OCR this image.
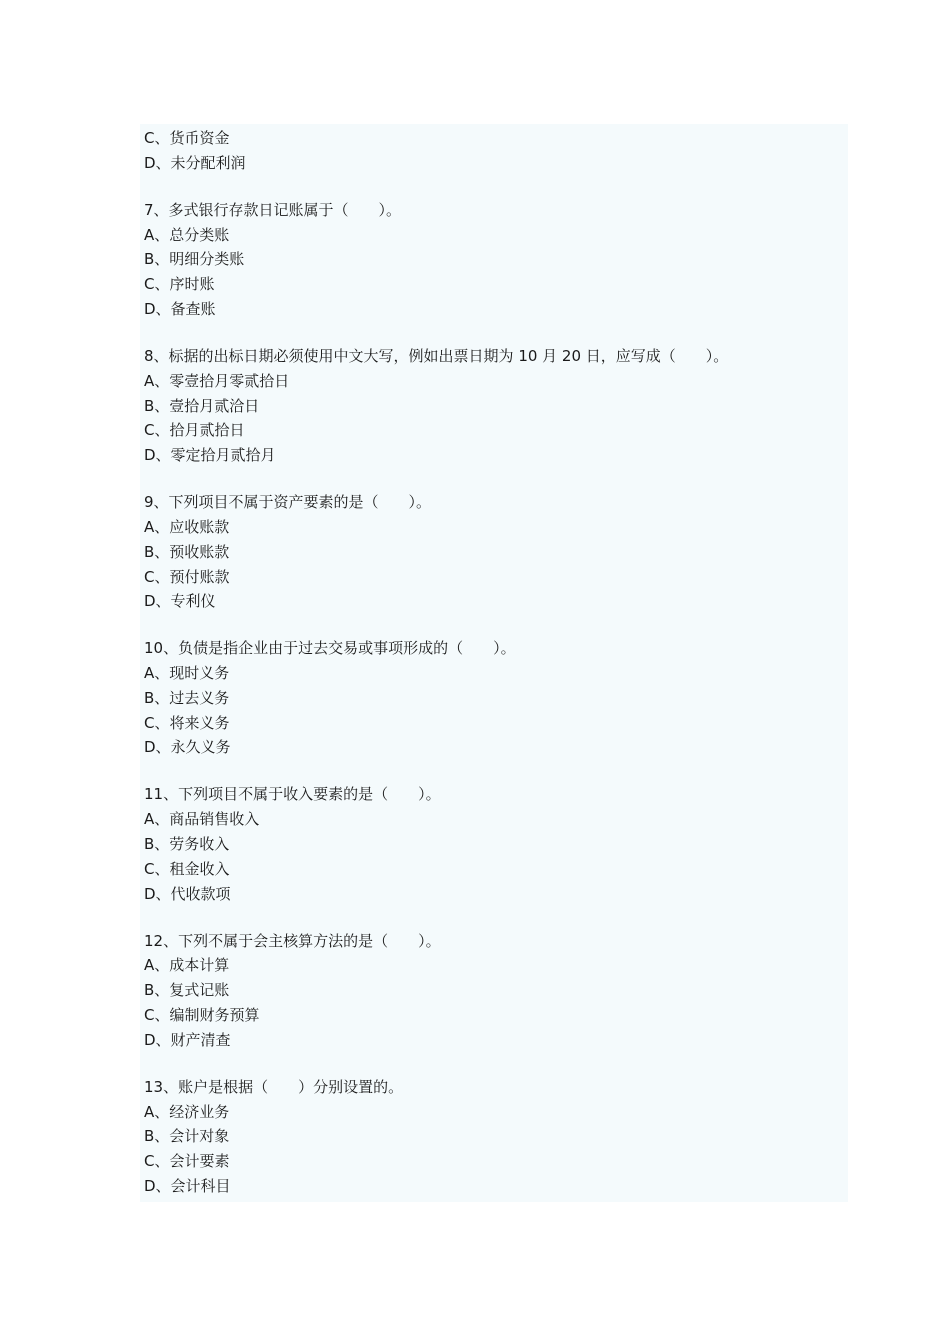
C、货币资金
D、未分配利润
7、多式银行存款日记账属于（　　）。
A、总分类账
B、明细分类账
C、序时账
D、备查账
8、标据的出标日期必须使用中文大写，例如出票日期为 10 月 20 日，应写成（　　）。
A、零壹拾月零贰拾日
B、壹拾月贰洽日
C、拾月贰拾日
D、零定拾月贰拾月
9、下列项目不属于资产要素的是（　　）。
A、应收账款
B、预收账款
C、预付账款
D、专利仪
10、负债是指企业由于过去交易或事项形成的（　　）。
A、现时义务
B、过去义务
C、将来义务
D、永久义务
11、下列项目不属于收入要素的是（　　）。
A、商品销售收入
B、劳务收入
C、租金收入
D、代收款项
12、下列不属于会主核算方法的是（　　）。
A、成本计算
B、复式记账
C、编制财务预算
D、财产清查
13、账户是根据（　　）分别设置的。
A、经济业务
B、会计对象
C、会计要素
D、会计科目
